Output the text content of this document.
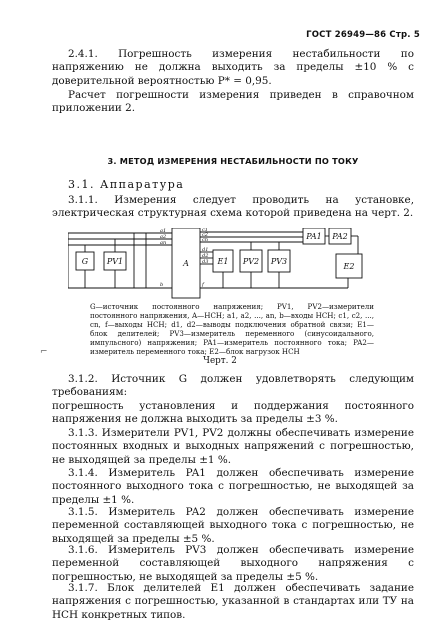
ГОСТ 26949—86 Стр. 5
2.4.1. Погрешность измерения нестабильности по напряжению не должна выходить за пределы ±10 % с доверительной вероятностью P* = 0,95.
Расчет погрешности измерения приведен в справочном приложении 2.
3. МЕТОД ИЗМЕРЕНИЯ НЕСТАБИЛЬНОСТИ ПО ТОКУ
3.1. Аппаратура
3.1.1. Измерения следует проводить на установке, электрическая структурная схема которой приведена на черт. 2.
G PV1	A	E1 PV2 PV3
PA1 PA2
E2
a1
a2
an
b
c1
c2
cn
d1
d2
d3
f
G—источник постоянного напряжения; PV1, PV2—измерители постоянного напряжения, A—НСН; a1, a2, ..., an, b—входы НСН; c1, c2, ..., cn, f—выходы НСН; d1, d2—выводы подключения обратной связи; E1—блок делителей; PV3—измеритель переменного (синусоидального, импульсного) напряжения; PA1—измеритель постоянного тока; PA2—измеритель переменного тока; E2—блок нагрузок НСН
Черт. 2
⌐
3.1.2. Источник G должен удовлетворять следующим требованиям:
погрешность установления и поддержания постоянного напряжения не должна выходить за пределы ±3 %.
3.1.3. Измерители PV1, PV2 должны обеспечивать измерение постоянных входных и выходных напряжений с погрешностью, не выходящей за пределы ±1 %.
3.1.4. Измеритель PA1 должен обеспечивать измерение постоянного выходного тока с погрешностью, не выходящей за пределы ±1 %.
3.1.5. Измеритель PA2 должен обеспечивать измерение переменной составляющей выходного тока с погрешностью, не выходящей за пределы ±5 %.
3.1.6. Измеритель PV3 должен обеспечивать измерение переменной составляющей выходного напряжения с погрешностью, не выходящей за пределы ±5 %.
3.1.7. Блок делителей E1 должен обеспечивать задание напряжения с погрешностью, указанной в стандартах или ТУ на НСН конкретных типов.
